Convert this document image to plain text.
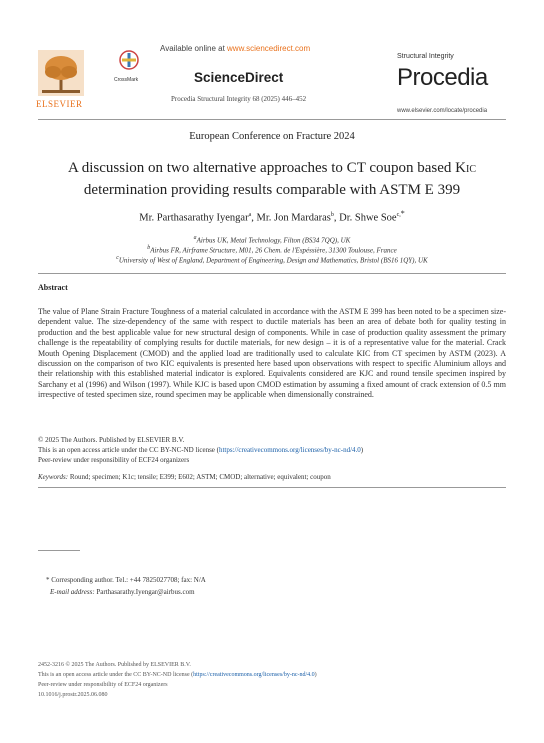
ELSEVIER
CrossMark
Available online at www.sciencedirect.com
ScienceDirect
Procedia Structural Integrity 68 (2025) 446–452
Structural Integrity
Procedia
www.elsevier.com/locate/procedia
European Conference on Fracture 2024
A discussion on two alternative approaches to CT coupon based KIC
determination providing results comparable with ASTM E 399
Mr. Parthasarathy Iyengar$^a$, Mr. Jon Mardaras$^b$, Dr. Shwe Soe$^{c,*}$
$^a$Airbus UK, Metal Technology, Filton (BS34 7QQ), UK
$^b$Airbus FR, Airframe Structure, M01, 26 Chem. de l'Espéssière, 31300 Toulouse, France
$^c$University of West of England, Department of Engineering, Design and Mathematics, Bristol (BS16 1QY), UK
Abstract
The value of Plane Strain Fracture Toughness of a material calculated in accordance with the ASTM E 399 has been noted to be a specimen size-dependent value. The size-dependency of the same with respect to ductile materials has been an area of debate both for quality testing in production and the best applicable value for new structural design of components. While in case of production quality assessment the primary challenge is the repeatability of complying results for ductile materials, for new design – it is of a representative value for the material. Crack Mouth Opening Displacement (CMOD) and the applied load are traditionally used to calculate KIC from CT specimen by ASTM (2023). A discussion on the comparison of two KIC equivalents is presented here based upon observations with respect to specific Aluminium alloys and their relationship with this established material indicator is explored. Equivalents considered are KJC and round tensile specimen inspired by Sarchany et al (1996) and Wilson (1997). While KJC is based upon CMOD estimation by assuming a fixed amount of crack extension of 0.5 mm irrespective of tested specimen size, round specimen may be applicable when dimensionally constrained.
© 2025 The Authors. Published by ELSEVIER B.V.
This is an open access article under the CC BY-NC-ND license (https://creativecommons.org/licenses/by-nc-nd/4.0)
Peer-review under responsibility of ECF24 organizers
Keywords: Round; specimen; K1c; tensile; E399; E602; ASTM; CMOD; alternative; equivalent; coupon
* Corresponding author. Tel.: +44 7825027708; fax: N/A
E-mail address: Parthasarathy.Iyengar@airbus.com
2452-3216 © 2025 The Authors. Published by ELSEVIER B.V.
This is an open access article under the CC BY-NC-ND license (https://creativecommons.org/licenses/by-nc-nd/4.0)
Peer-review under responsibility of ECF24 organizers
10.1016/j.prostr.2025.06.080
